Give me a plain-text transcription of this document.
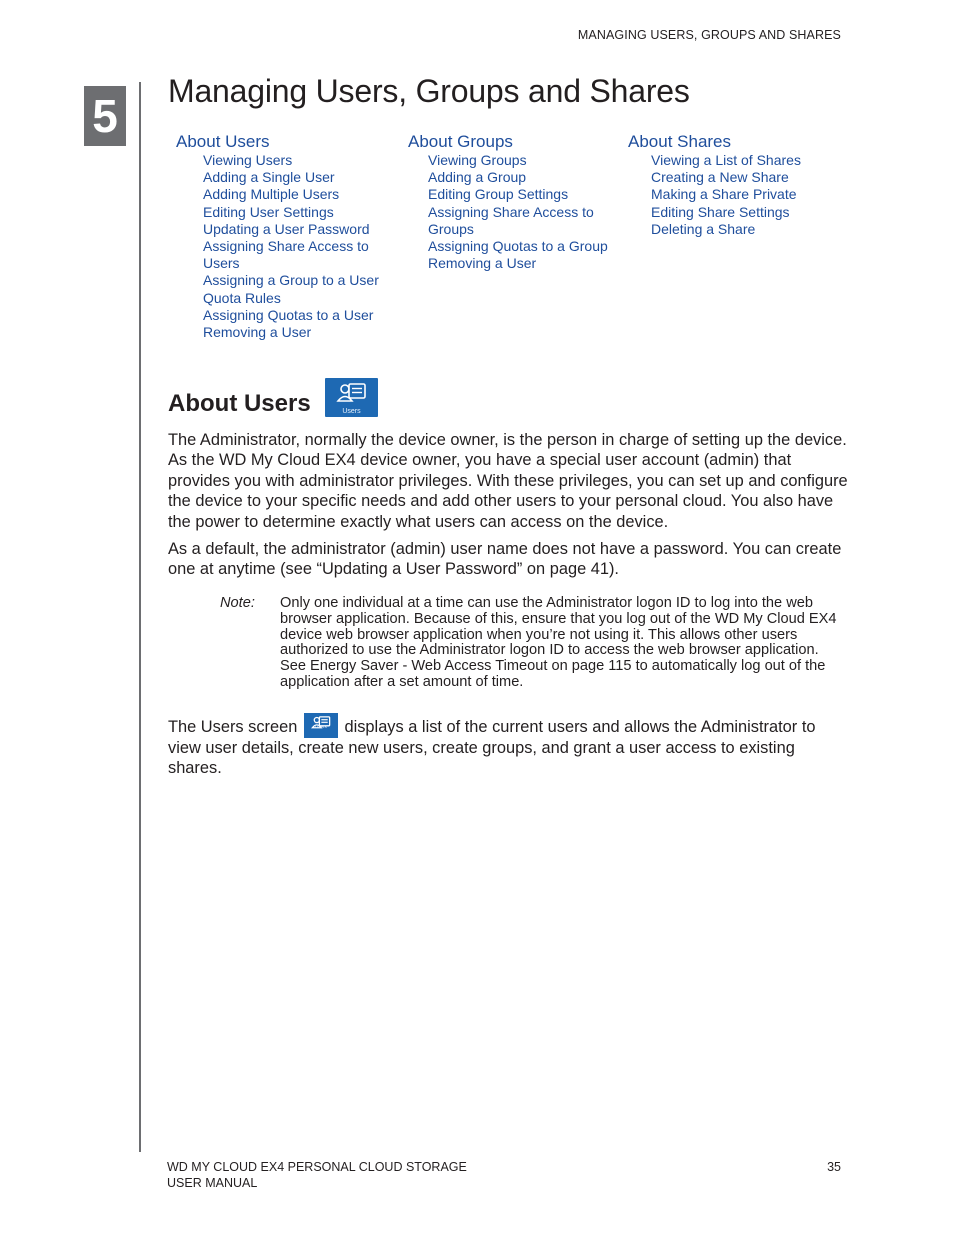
MANAGING USERS, GROUPS AND SHARES
5 Managing Users, Groups and Shares
About Users
Viewing Users
Adding a Single User
Adding Multiple Users
Editing User Settings
Updating a User Password
Assigning Share Access to
Users
Assigning a Group to a User
Quota Rules
Assigning Quotas to a User
Removing a User
About Groups
Viewing Groups
Adding a Group
Editing Group Settings
Assigning Share Access to
Groups
Assigning Quotas to a Group
Removing a User
About Shares
Viewing a List of Shares
Creating a New Share
Making a Share Private
Editing Share Settings
Deleting a Share
About Users	Users

The Administrator, normally the device owner, is the person in charge of setting up the device. As the WD My Cloud EX4 device owner, you have a special user account (admin) that provides you with administrator privileges. With these privileges, you can set up and configure the device to your specific needs and add other users to your personal cloud. You also have the power to determine exactly what users can access on the device.

As a default, the administrator (admin) user name does not have a password. You can create one at anytime (see “Updating a User Password” on page 41).

Note: Only one individual at a time can use the Administrator logon ID to log into the web browser application. Because of this, ensure that you log out of the WD My Cloud EX4 device web browser application when you’re not using it. This allows other users authorized to use the Administrator logon ID to access the web browser application. See Energy Saver - Web Access Timeout on page 115 to automatically log out of the application after a set amount of time.

The Users screen	Users	displays a list of the current users and allows the Administrator to view user details, create new users, create groups, and grant a user access to existing shares.

WD MY CLOUD EX4 PERSONAL CLOUD STORAGE
USER MANUAL
35
